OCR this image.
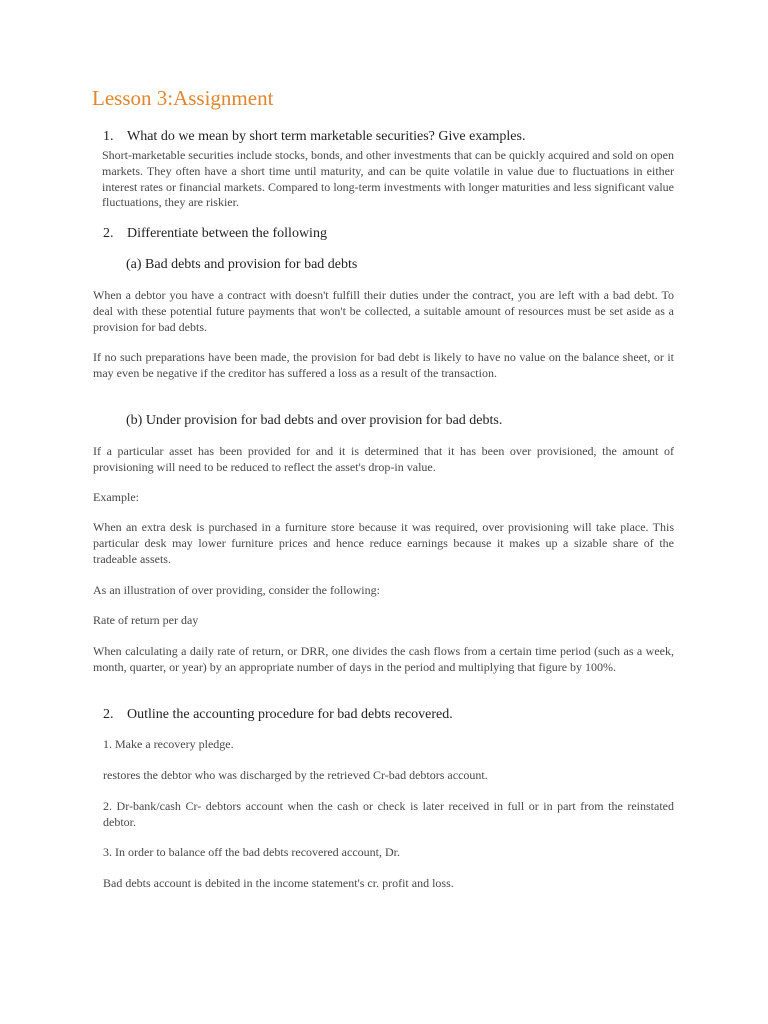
Lesson 3:Assignment

1. What do we mean by short term marketable securities? Give examples.

Short-marketable securities include stocks, bonds, and other investments that can be quickly acquired and sold on open markets. They often have a short time until maturity, and can be quite volatile in value due to fluctuations in either interest rates or financial markets. Compared to long-term investments with longer maturities and less significant value fluctuations, they are riskier.

2. Differentiate between the following

(a) Bad debts and provision for bad debts

When a debtor you have a contract with doesn't fulfill their duties under the contract, you are left with a bad debt. To deal with these potential future payments that won't be collected, a suitable amount of resources must be set aside as a provision for bad debts.

If no such preparations have been made, the provision for bad debt is likely to have no value on the balance sheet, or it may even be negative if the creditor has suffered a loss as a result of the transaction.

(b) Under provision for bad debts and over provision for bad debts.

If a particular asset has been provided for and it is determined that it has been over provisioned, the amount of provisioning will need to be reduced to reflect the asset's drop-in value.

Example:

When an extra desk is purchased in a furniture store because it was required, over provisioning will take place. This particular desk may lower furniture prices and hence reduce earnings because it makes up a sizable share of the tradeable assets.

As an illustration of over providing, consider the following:

Rate of return per day

When calculating a daily rate of return, or DRR, one divides the cash flows from a certain time period (such as a week, month, quarter, or year) by an appropriate number of days in the period and multiplying that figure by 100%.

2. Outline the accounting procedure for bad debts recovered.

1. Make a recovery pledge.

restores the debtor who was discharged by the retrieved Cr-bad debtors account.

2. Dr-bank/cash Cr- debtors account when the cash or check is later received in full or in part from the reinstated debtor.

3. In order to balance off the bad debts recovered account, Dr.

Bad debts account is debited in the income statement's cr. profit and loss.
